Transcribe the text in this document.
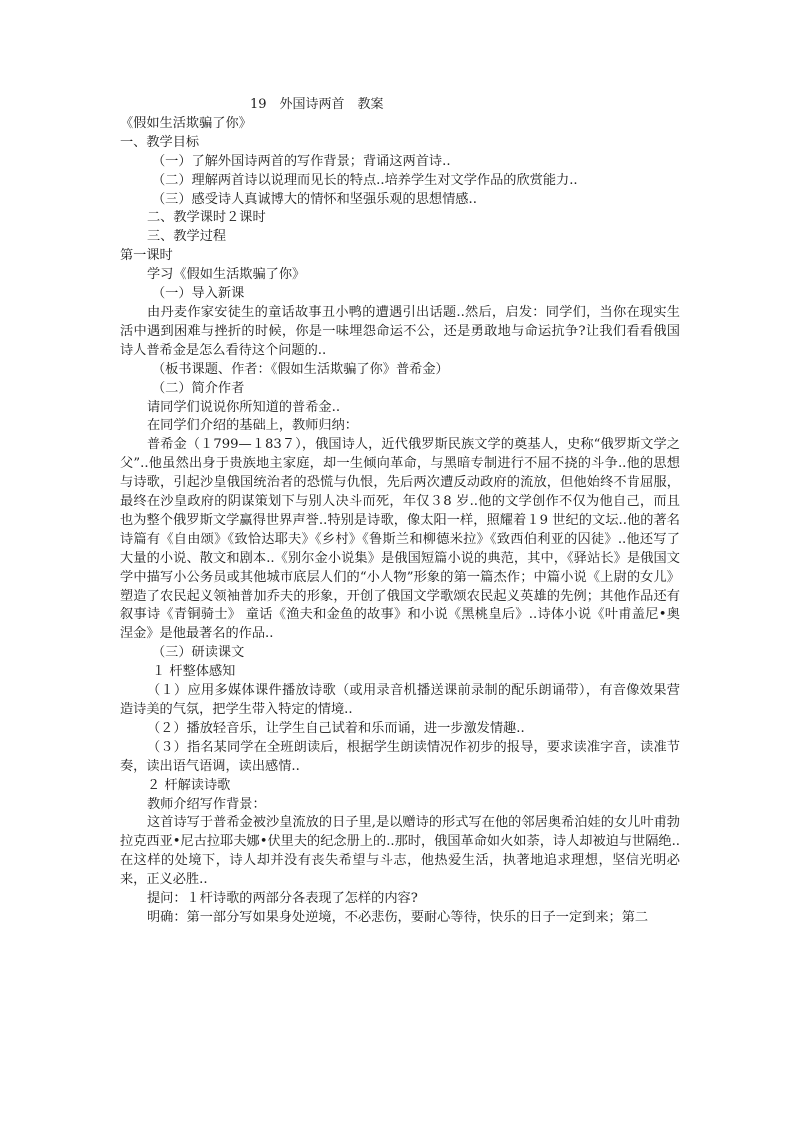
19　外国诗两首　教案
《假如生活欺骗了你》
一、教学目标
（一）了解外国诗两首的写作背景；背诵这两首诗..
（二）理解两首诗以说理而见长的特点..培养学生对文学作品的欣赏能力..
（三）感受诗人真诚博大的情怀和坚强乐观的思想情感..
二、教学课时２课时
三、教学过程
第一课时
学习《假如生活欺骗了你》
（一）导入新课
由丹麦作家安徒生的童话故事丑小鸭的遭遇引出话题..然后，启发：同学们，当你在现实生活中遇到困难与挫折的时候，你是一味埋怨命运不公，还是勇敢地与命运抗争?让我们看看俄国诗人普希金是怎么看待这个问题的..
（板书课题、作者：《假如生活欺骗了你》普希金）
（二）简介作者
请同学们说说你所知道的普希金..
在同学们介绍的基础上，教师归纳：
普希金（１799—１83７），俄国诗人，近代俄罗斯民族文学的奠基人，史称“俄罗斯文学之父”..他虽然出身于贵族地主家庭，却一生倾向革命，与黑暗专制进行不屈不挠的斗争..他的思想与诗歌，引起沙皇俄国统治者的恐慌与仇恨，先后两次遭反动政府的流放，但他始终不肯屈服，最终在沙皇政府的阴谋策划下与别人决斗而死，年仅３8 岁..他的文学创作不仅为他自己，而且也为整个俄罗斯文学赢得世界声誉..特别是诗歌，像太阳一样，照耀着１9 世纪的文坛..他的著名诗篇有《自由颂》《致恰达耶夫》《乡村》《鲁斯兰和柳德米拉》《致西伯利亚的囚徒》..他还写了大量的小说、散文和剧本..《别尔金小说集》是俄国短篇小说的典范，其中，《驿站长》是俄国文学中描写小公务员或其他城市底层人们的“小人物”形象的第一篇杰作；中篇小说《上尉的女儿》塑造了农民起义领袖普加乔夫的形象，开创了俄国文学歌颂农民起义英雄的先例；其他作品还有叙事诗《青铜骑士》 童话《渔夫和金鱼的故事》和小说《黑桃皇后》..诗体小说《叶甫盖尼•奥涅金》是他最著名的作品..
（三）研读课文
１ 杆整体感知
（１）应用多媒体课件播放诗歌（或用录音机播送课前录制的配乐朗诵带），有音像效果营造诗美的气氛，把学生带入特定的情境..
（２）播放轻音乐，让学生自己试着和乐而诵，进一步激发情趣..
（３）指名某同学在全班朗读后，根据学生朗读情况作初步的报导，要求读准字音，读准节奏，读出语气语调，读出感情..
２ 杆解读诗歌
教师介绍写作背景：
这首诗写于普希金被沙皇流放的日子里,是以赠诗的形式写在他的邻居奥希泊娃的女儿叶甫勃拉克西亚•尼古拉耶夫娜•伏里夫的纪念册上的..那时，俄国革命如火如荼，诗人却被迫与世隔绝..在这样的处境下，诗人却并没有丧失希望与斗志，他热爱生活，执著地追求理想，坚信光明必来，正义必胜..
提问：１杆诗歌的两部分各表现了怎样的内容?
明确：第一部分写如果身处逆境，不必悲伤，要耐心等待，快乐的日子一定到来；第二
